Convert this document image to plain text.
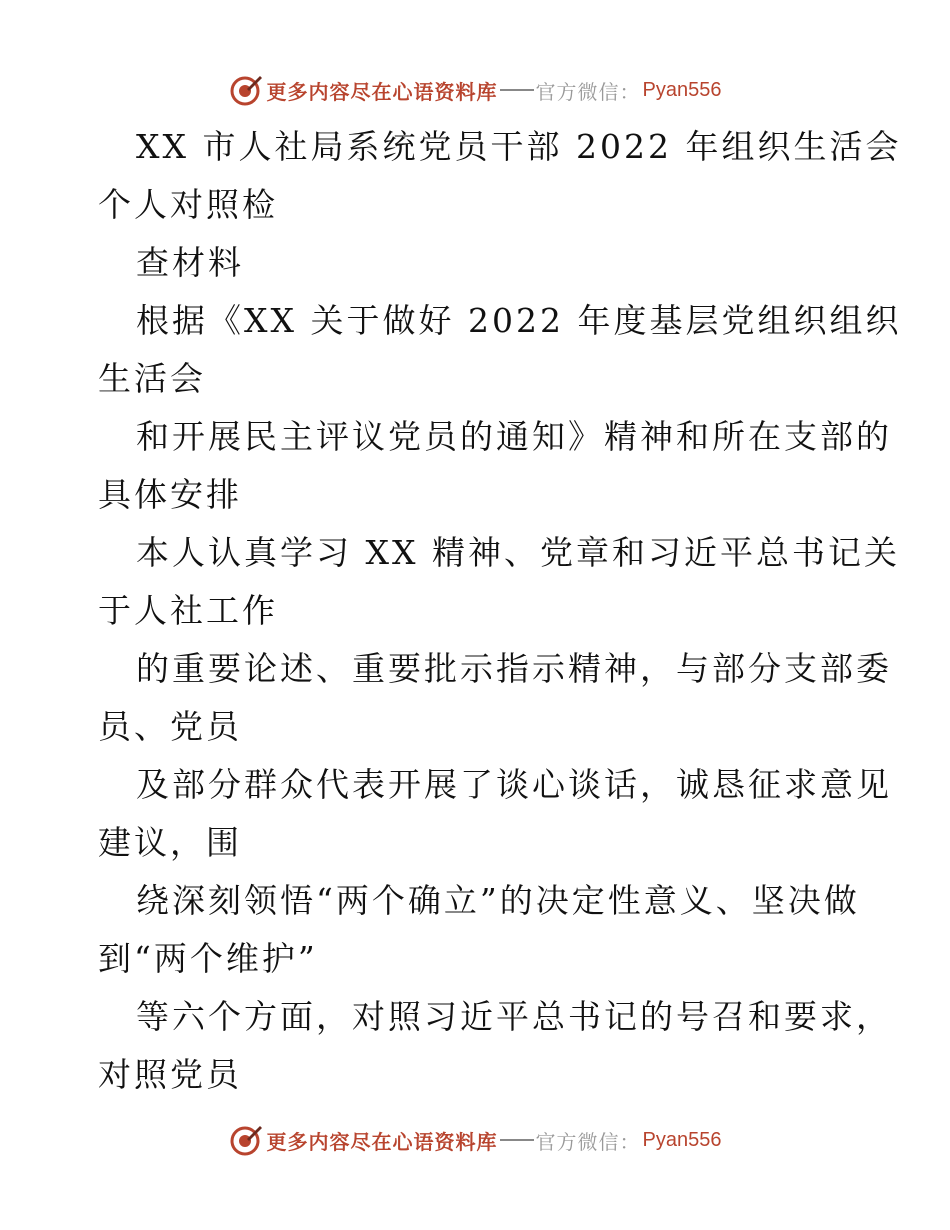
更多内容尽在心语资料库 官方微信： Pyan556
XX 市人社局系统党员干部 2022 年组织生活会
个人对照检
查材料
根据《XX 关于做好 2022 年度基层党组织组织
生活会
和开展民主评议党员的通知》精神和所在支部的
具体安排
本人认真学习 XX 精神、党章和习近平总书记关
于人社工作
的重要论述、重要批示指示精神，与部分支部委
员、党员
及部分群众代表开展了谈心谈话，诚恳征求意见
建议，围
绕深刻领悟“两个确立”的决定性意义、坚决做
到“两个维护”
等六个方面，对照习近平总书记的号召和要求，
对照党员
更多内容尽在心语资料库 官方微信： Pyan556
